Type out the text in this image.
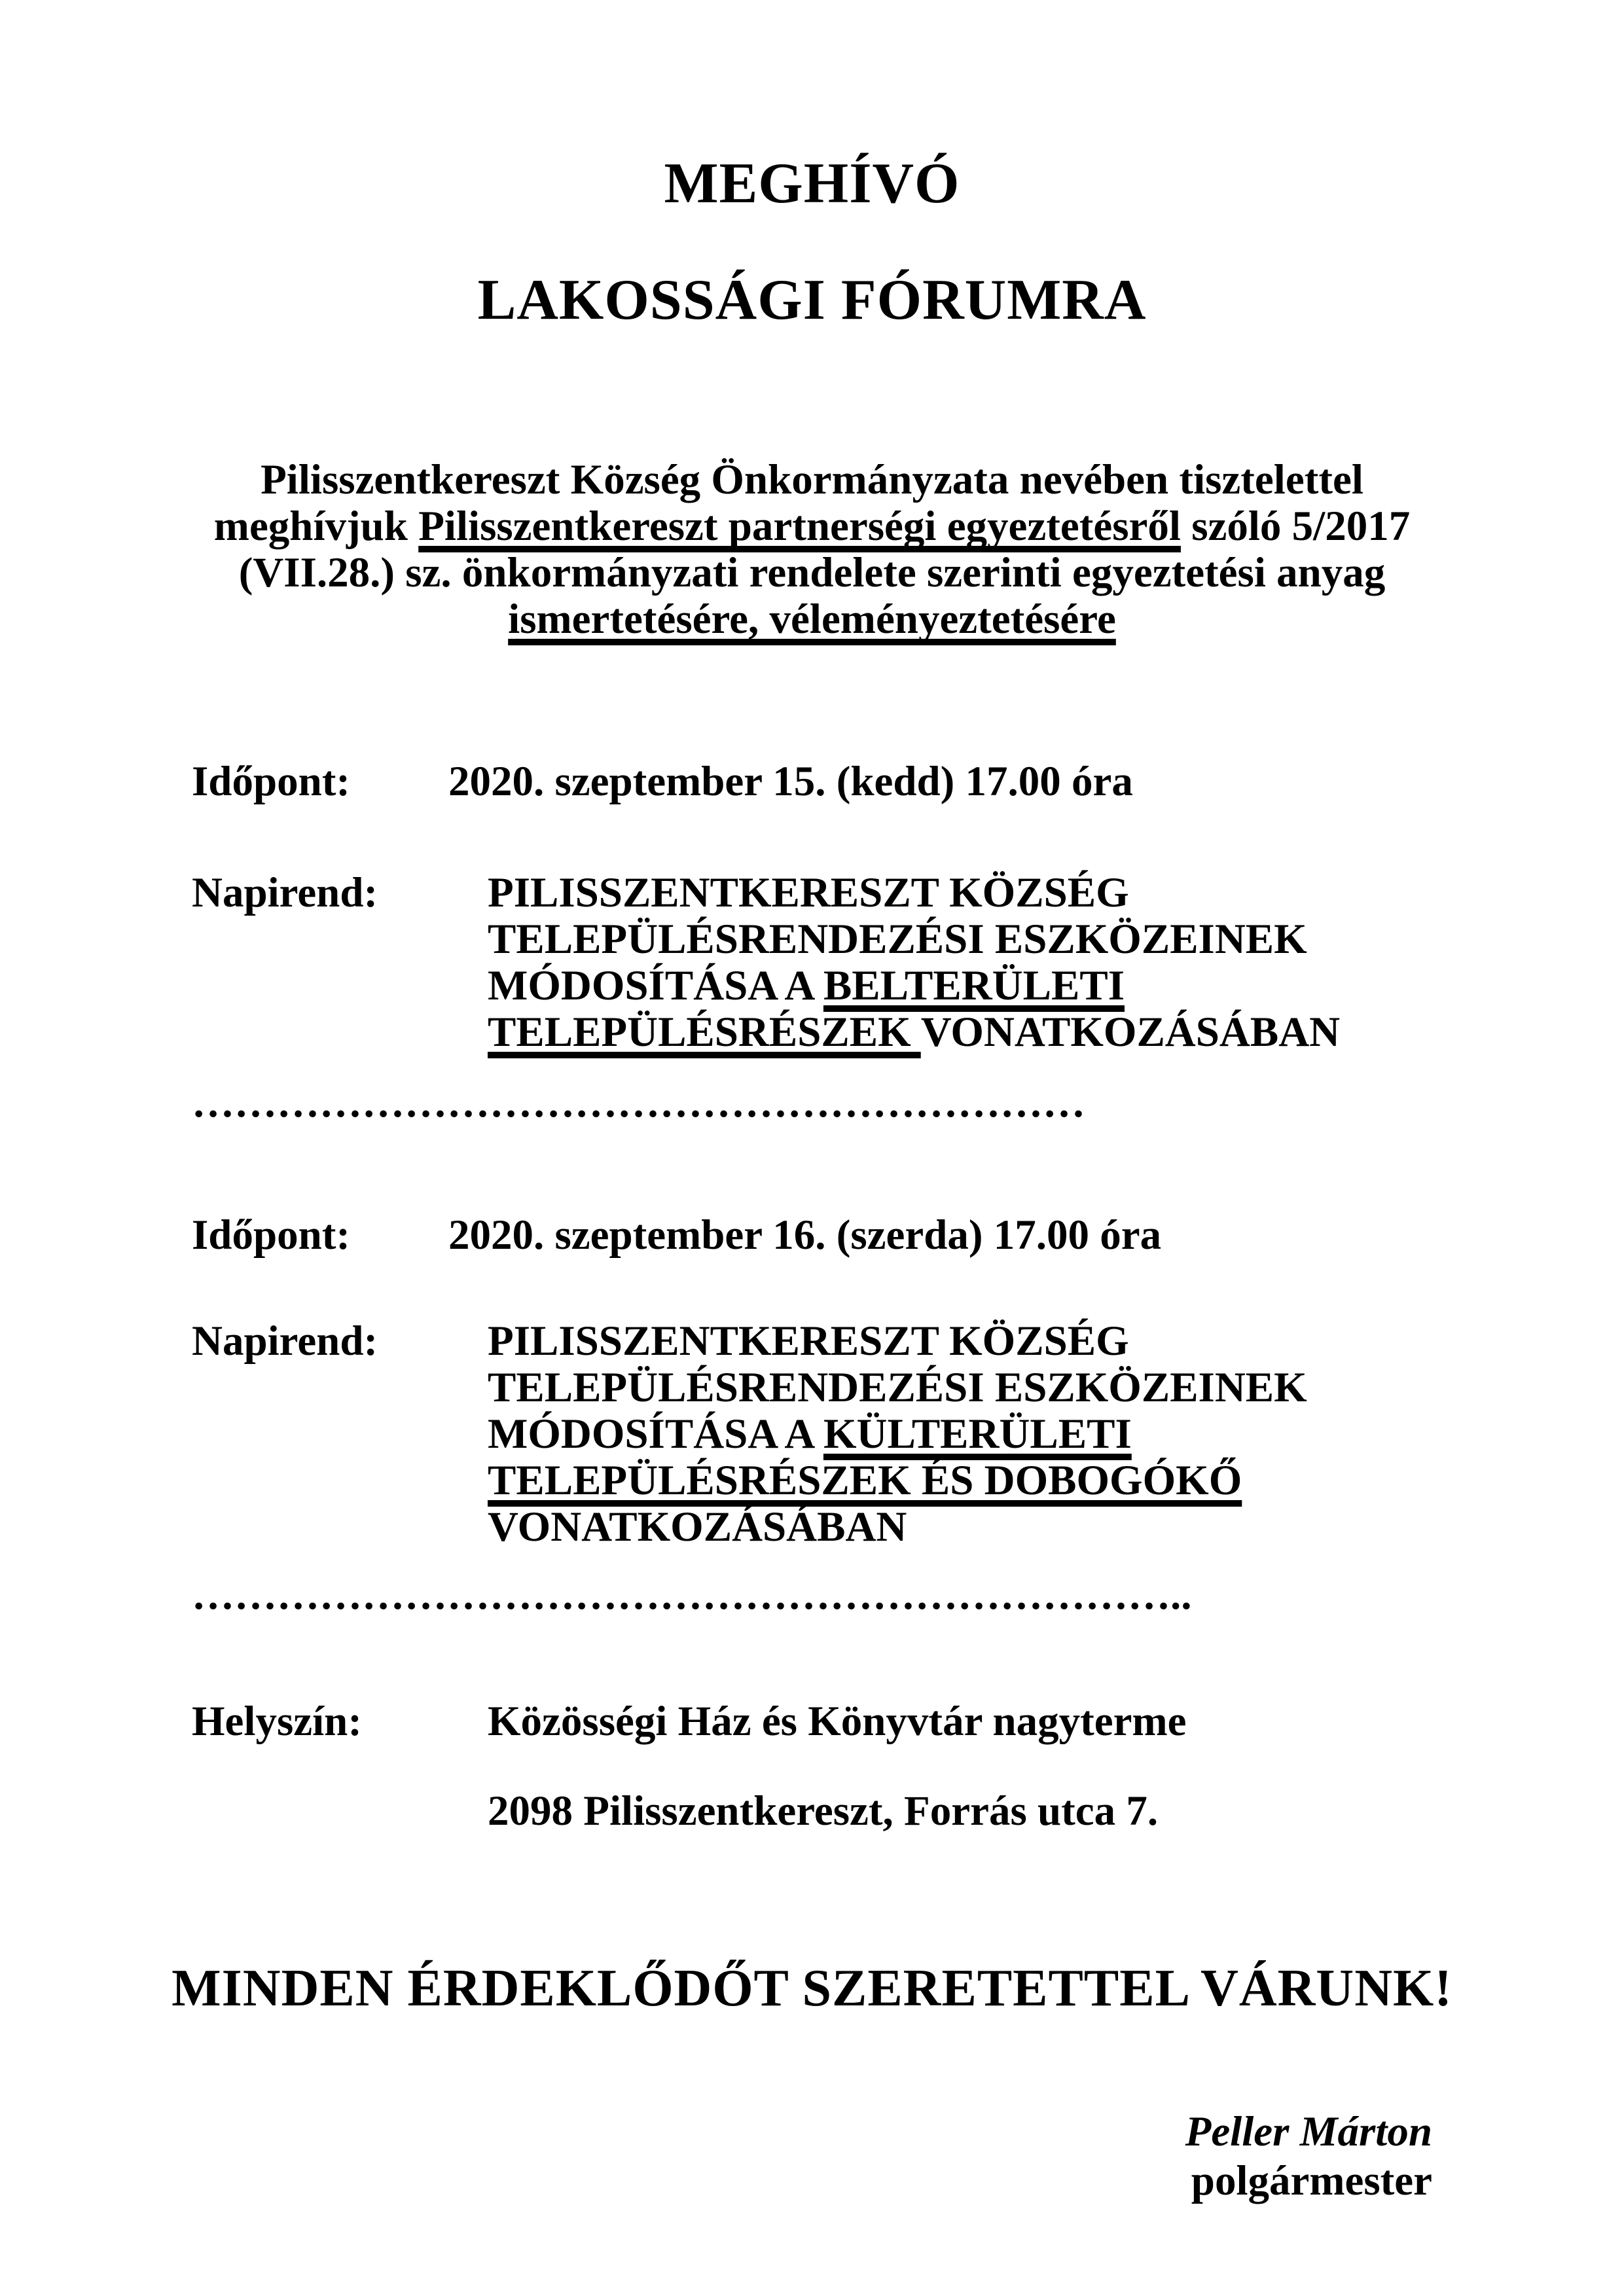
MEGHÍVÓ
LAKOSSÁGI FÓRUMRA
Pilisszentkereszt Község Önkormányzata nevében tisztelettel
meghívjuk Pilisszentkereszt partnerségi egyeztetésről szóló 5/2017
(VII.28.) sz. önkormányzati rendelete szerinti egyeztetési anyag
ismertetésére, véleményeztetésére
Időpont:	2020. szeptember 15. (kedd) 17.00 óra
Napirend:	PILISSZENTKERESZT KÖZSÉG
TELEPÜLÉSRENDEZÉSI ESZKÖZEINEK
MÓDOSÍTÁSA A BELTERÜLETI
TELEPÜLÉSRÉSZEK VONATKOZÁSÁBAN
………………………………………………………
Időpont:	2020. szeptember 16. (szerda) 17.00 óra
Napirend:	PILISSZENTKERESZT KÖZSÉG
TELEPÜLÉSRENDEZÉSI ESZKÖZEINEK
MÓDOSÍTÁSA A KÜLTERÜLETI
TELEPÜLÉSRÉSZEK ÉS DOBOGÓKŐ
VONATKOZÁSÁBAN
……………………………………………………………..
Helyszín:	Közösségi Ház és Könyvtár nagyterme
2098 Pilisszentkereszt, Forrás utca 7.
MINDEN ÉRDEKLŐDŐT SZERETETTEL VÁRUNK!
Peller Márton
polgármester
